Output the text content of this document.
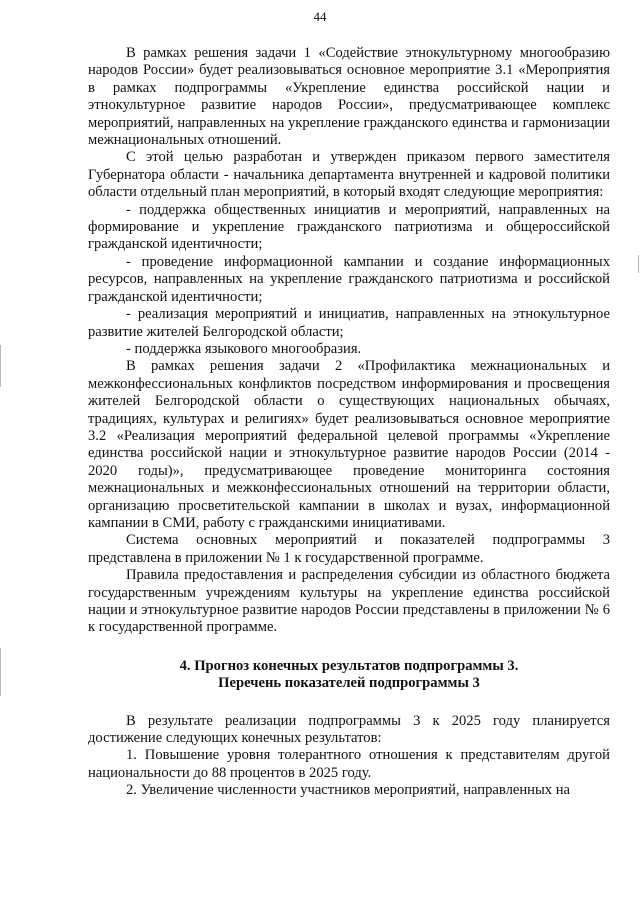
44

В рамках решения задачи 1 «Содействие этнокультурному многообразию народов России» будет реализовываться основное мероприятие 3.1 «Мероприятия в рамках подпрограммы «Укрепление единства российской нации и этнокультурное развитие народов России», предусматривающее комплекс мероприятий, направленных на укрепление гражданского единства и гармонизации межнациональных отношений.

С этой целью разработан и утвержден приказом первого заместителя Губернатора области - начальника департамента внутренней и кадровой политики области отдельный план мероприятий, в который входят следующие мероприятия:

- поддержка общественных инициатив и мероприятий, направленных на формирование и укрепление гражданского патриотизма и общероссийской гражданской идентичности;

- проведение информационной кампании и создание информационных ресурсов, направленных на укрепление гражданского патриотизма и российской гражданской идентичности;

- реализация мероприятий и инициатив, направленных на этнокультурное развитие жителей Белгородской области;

- поддержка языкового многообразия.

В рамках решения задачи 2 «Профилактика межнациональных и межконфессиональных конфликтов посредством информирования и просвещения жителей Белгородской области о существующих национальных обычаях, традициях, культурах и религиях» будет реализовываться основное мероприятие 3.2 «Реализация мероприятий федеральной целевой программы «Укрепление единства российской нации и этнокультурное развитие народов России (2014 - 2020 годы)», предусматривающее проведение мониторинга состояния межнациональных и межконфессиональных отношений на территории области, организацию просветительской кампании в школах и вузах, информационной кампании в СМИ, работу с гражданскими инициативами.

Система основных мероприятий и показателей подпрограммы 3 представлена в приложении № 1 к государственной программе.

Правила предоставления и распределения субсидии из областного бюджета государственным учреждениям культуры на укрепление единства российской нации и этнокультурное развитие народов России представлены в приложении № 6 к государственной программе.

4. Прогноз конечных результатов подпрограммы 3.

Перечень показателей подпрограммы 3

В результате реализации подпрограммы 3 к 2025 году планируется достижение следующих конечных результатов:

1. Повышение уровня толерантного отношения к представителям другой национальности до 88 процентов в 2025 году.

2. Увеличение численности участников мероприятий, направленных на
